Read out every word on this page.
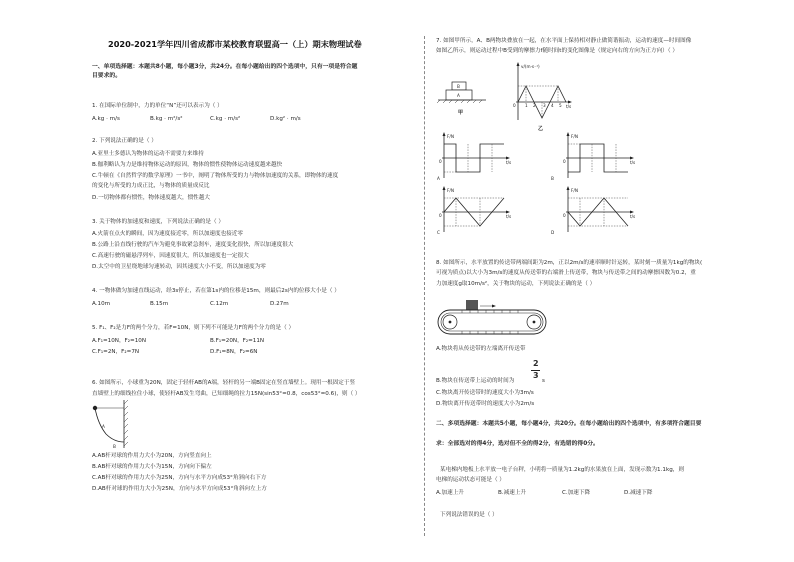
2020-2021学年四川省成都市某校教育联盟高一（上）期末物理试卷
一、单项选择题：本题共8小题，每小题3分，共24分。在每小题给出的四个选项中，只有一项是符合题
目要求的。
1. 在国际单位制中，力的单位“N”还可以表示为（ ）
A.kg · m/s	B.kg · m²/s²	C.kg · m/s²	D.kg² · m/s
2. 下列说法正确的是（ ）
A.亚里士多德认为物体的运动不需要力来维持
B.伽利略认为力是维持物体运动的原因，物体的惯性使物体运动速度越来越快
C.牛顿在《自然哲学的数学原理》一书中，阐明了物体所受的力与物体加速度的关系，即物体的速度
的变化与所受的力成正比，与物体的质量成反比
D.一切物体都有惯性，物体速度越大，惯性越大
3. 关于物体的加速度和速度，下列说法正确的是（ ）
A.火箭在点火的瞬间，因为速度接近零，所以加速度也接近零
B.公路上沿直线行驶的汽车为避免事故紧急刹车，速度变化很快，所以加速度很大
C.高速行驶的磁悬浮列车，因速度很大，所以加速度也一定很大
D.太空中的卫星绕地球匀速转动，因其速度大小不变，所以加速度为零
4. 一物体做匀加速直线运动，经3s停止，若在第1s内的位移是15m，则最后2s内的位移大小是（ ）
A.10m	B.15m	C.12m	D.27m
5. F₁、F₂是力F的两个分力，若F=10N，则下列不可能是力F的两个分力的是（ ）
A.F₁=10N，F₂=10N	B.F₁=20N，F₂=11N
C.F₁=2N，F₂=7N	D.F₁=8N，F₂=6N
6. 如图所示，小球重为20N，固定于轻杆AB的A端，轻杆的另一端B固定在竖直墙壁上。现用一根固定于竖
直墙壁上的细线拉住小球，使轻杆AB发生弯曲，已知细绳的拉力15N(sin53°=0.8，cos53°=0.6)，则（ ）
A
B
A.AB杆对球的作用力大小为20N，方向竖直向上
B.AB杆对球的作用力大小为15N，方向向下偏左
C.AB杆对球的作用力大小为25N，方向与水平方向成53°角斜向右下方
D.AB杆对球的作用力大小为25N，方向与水平方向成53°角斜向左上方
7. 如图甲所示，A、B两物块叠放在一起，在水平面上保持相对静止做简谐振动，运动的速度—时间图像
如图乙所示，则运动过程中B受到的摩擦力f随时间t的变化图像是（规定向右的方向为正方向）（ ）
B
A
甲
v/(m·s⁻¹)
t/s
0 1 2 3 4 5
乙
F/N
0	t/s
A
F/N
0	t/s
B
F/N
0	t/s
C
F/N
0	t/s
D
8. 如图所示，水平放置的传送带两端间距为2m，正以2m/s的速率顺时针运转，某时刻一质量为1kg的物块(
可视为质点)以大小为3m/s的速度从传送带的右端滑上传送带，物块与传送带之间的动摩擦因数为0.2，重
力加速度g取10m/s²，关于物块的运动，下列说法正确的是（ ）
A.物块将从传送带的左端离开传送带
B.物块在传送带上运动的时间为
2
3
s
C.物块离开传送带时的速度大小为3m/s
D.物块离开传送带时的速度大小为2m/s
二、多项选择题：本题共5小题，每小题4分，共20分。在每小题给出的四个选项中，有多项符合题目要
求：全部选对的得4分，选对但不全的得2分，有选错的得0分。
某电梯内地板上水平放一电子台秤，小明将一质量为1.2kg的水果放在上面，发现示数为1.1kg，则
电梯的运动状态可能是（ ）
A.加速上升	B.减速上升	C.加速下降	D.减速下降
下列说法错误的是（ ）
